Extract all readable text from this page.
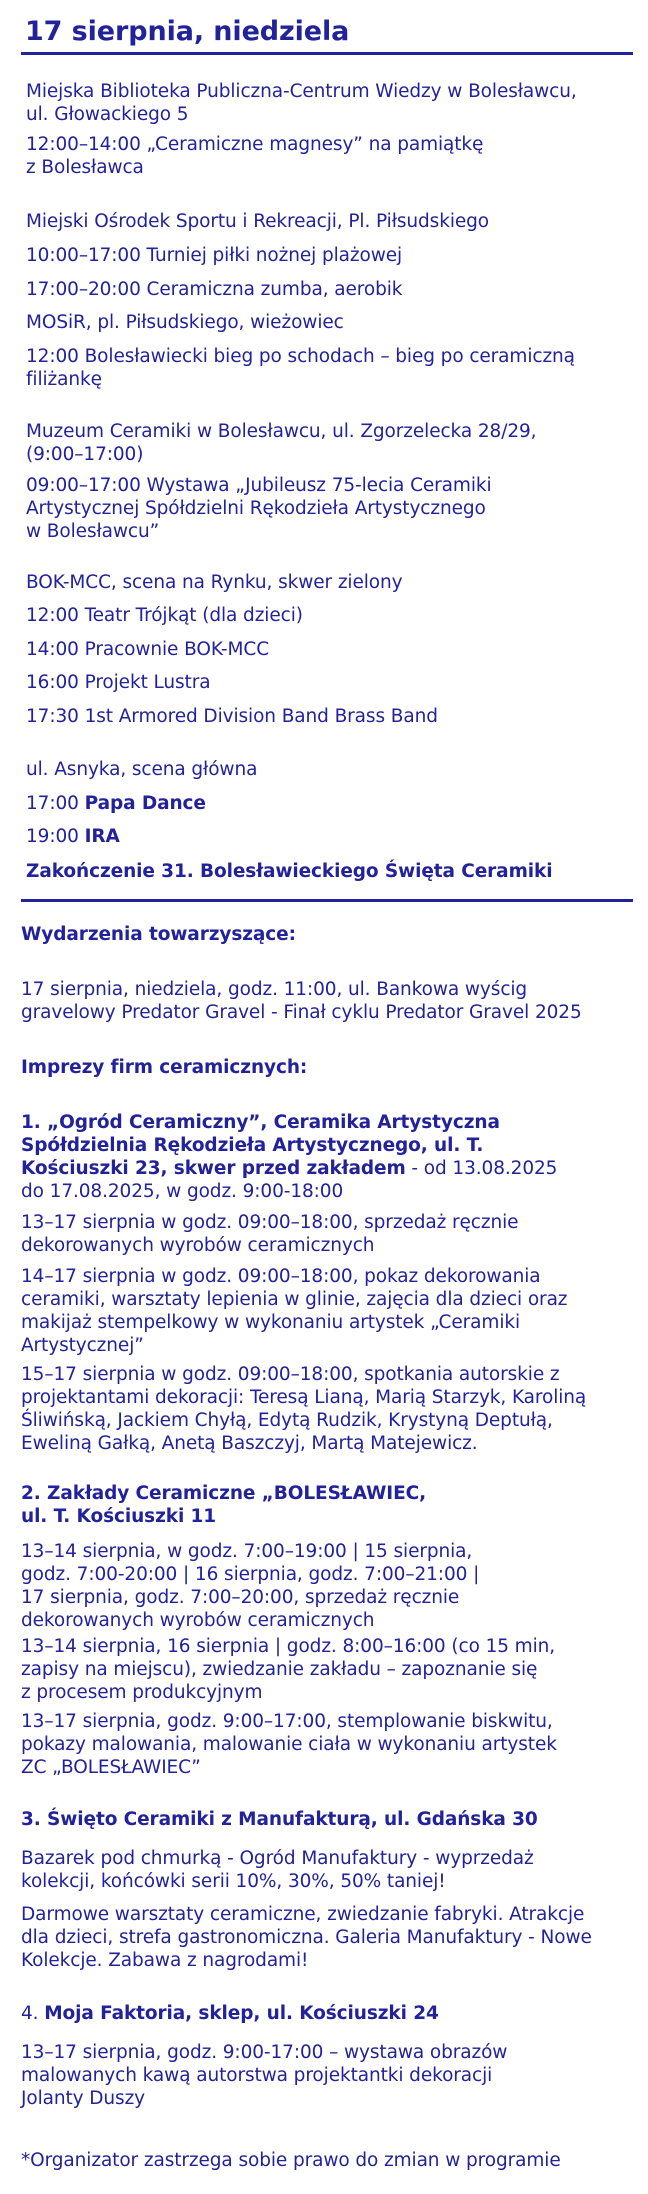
17 sierpnia, niedziela
Miejska Biblioteka Publiczna-Centrum Wiedzy w Bolesławcu,
ul. Głowackiego 5
12:00–14:00 „Ceramiczne magnesy” na pamiątkę
z Bolesławca
Miejski Ośrodek Sportu i Rekreacji, Pl. Piłsudskiego
10:00–17:00 Turniej piłki nożnej plażowej
17:00–20:00 Ceramiczna zumba, aerobik
MOSiR, pl. Piłsudskiego, wieżowiec
12:00 Bolesławiecki bieg po schodach – bieg po ceramiczną
filiżankę
Muzeum Ceramiki w Bolesławcu, ul. Zgorzelecka 28/29,
(9:00–17:00)
09:00–17:00 Wystawa „Jubileusz 75-lecia Ceramiki
Artystycznej Spółdzielni Rękodzieła Artystycznego
w Bolesławcu”
BOK-MCC, scena na Rynku, skwer zielony
12:00 Teatr Trójkąt (dla dzieci)
14:00 Pracownie BOK-MCC
16:00 Projekt Lustra
17:30 1st Armored Division Band Brass Band
ul. Asnyka, scena główna
17:00 Papa Dance
19:00 IRA
Zakończenie 31. Bolesławieckiego Święta Ceramiki
Wydarzenia towarzyszące:
17 sierpnia, niedziela, godz. 11:00, ul. Bankowa wyścig
gravelowy Predator Gravel - Finał cyklu Predator Gravel 2025
Imprezy firm ceramicznych:
1. „Ogród Ceramiczny”, Ceramika Artystyczna
Spółdzielnia Rękodzieła Artystycznego, ul. T.
Kościuszki 23, skwer przed zakładem - od 13.08.2025
do 17.08.2025, w godz. 9:00-18:00
13–17 sierpnia w godz. 09:00–18:00, sprzedaż ręcznie
dekorowanych wyrobów ceramicznych
14–17 sierpnia w godz. 09:00–18:00, pokaz dekorowania
ceramiki, warsztaty lepienia w glinie, zajęcia dla dzieci oraz
makijaż stempelkowy w wykonaniu artystek „Ceramiki
Artystycznej”
15–17 sierpnia w godz. 09:00–18:00, spotkania autorskie z
projektantami dekoracji: Teresą Lianą, Marią Starzyk, Karoliną
Śliwińską, Jackiem Chyłą, Edytą Rudzik, Krystyną Deptułą,
Eweliną Gałką, Anetą Baszczyj, Martą Matejewicz.
2. Zakłady Ceramiczne „BOLESŁAWIEC,
ul. T. Kościuszki 11
13–14 sierpnia, w godz. 7:00–19:00 | 15 sierpnia,
godz. 7:00-20:00 | 16 sierpnia, godz. 7:00–21:00 |
17 sierpnia, godz. 7:00–20:00, sprzedaż ręcznie
dekorowanych wyrobów ceramicznych
13–14 sierpnia, 16 sierpnia | godz. 8:00–16:00 (co 15 min,
zapisy na miejscu), zwiedzanie zakładu – zapoznanie się
z procesem produkcyjnym
13–17 sierpnia, godz. 9:00–17:00, stemplowanie biskwitu,
pokazy malowania, malowanie ciała w wykonaniu artystek
ZC „BOLESŁAWIEC”
3. Święto Ceramiki z Manufakturą, ul. Gdańska 30
Bazarek pod chmurką - Ogród Manufaktury - wyprzedaż
kolekcji, końcówki serii 10%, 30%, 50% taniej!
Darmowe warsztaty ceramiczne, zwiedzanie fabryki. Atrakcje
dla dzieci, strefa gastronomiczna. Galeria Manufaktury - Nowe
Kolekcje. Zabawa z nagrodami!
4. Moja Faktoria, sklep, ul. Kościuszki 24
13–17 sierpnia, godz. 9:00-17:00 – wystawa obrazów
malowanych kawą autorstwa projektantki dekoracji
Jolanty Duszy
*Organizator zastrzega sobie prawo do zmian w programie
